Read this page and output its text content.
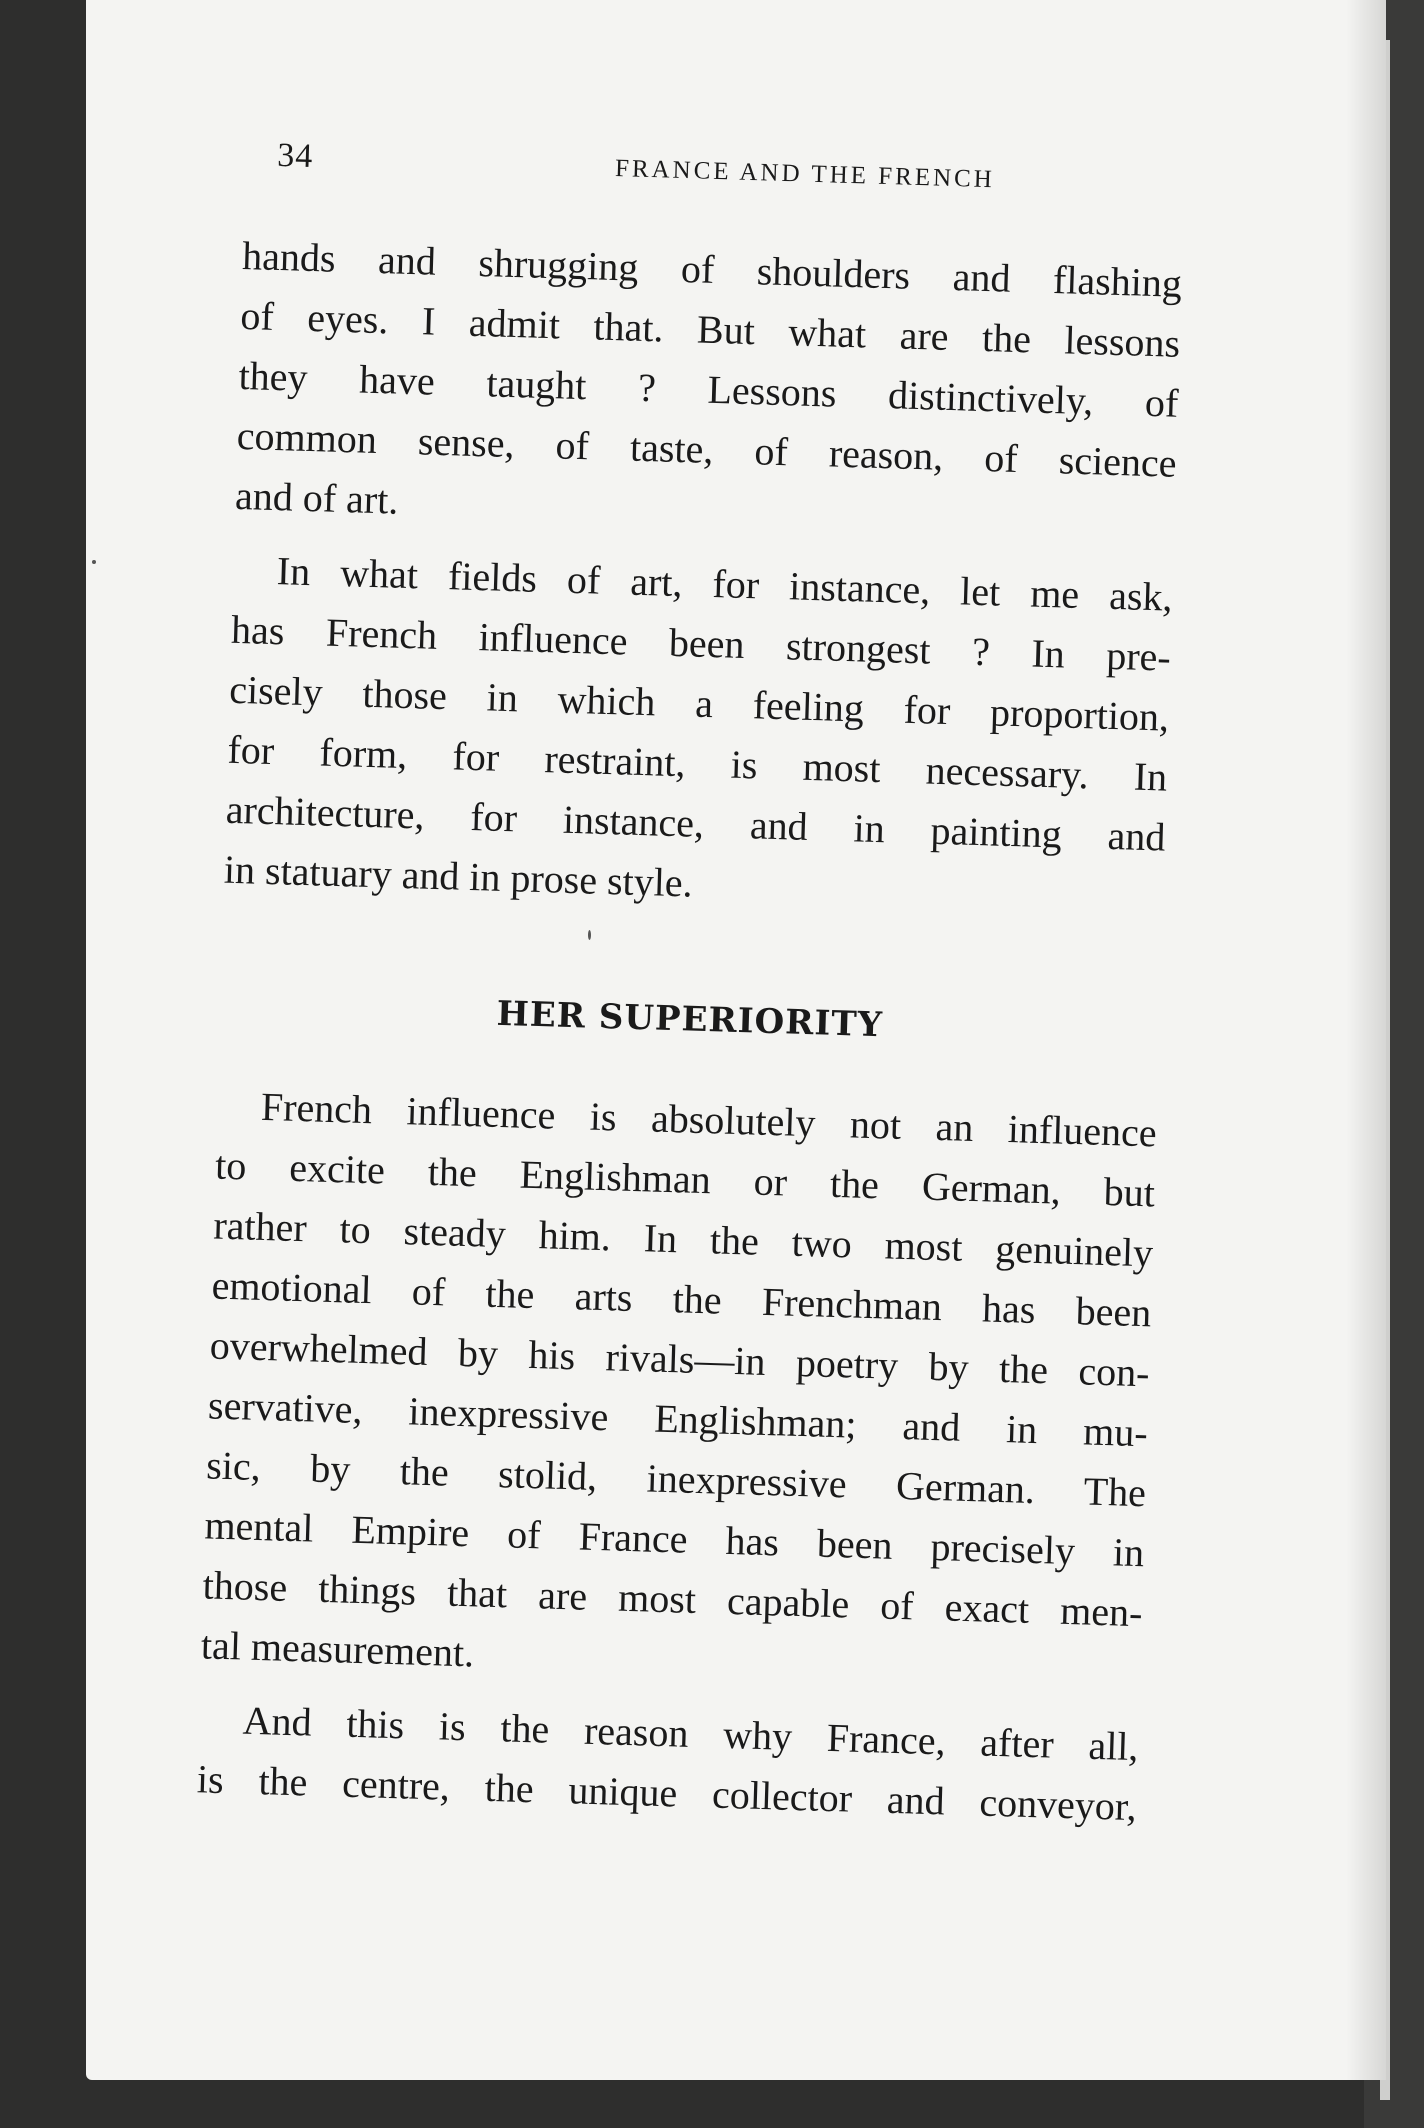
34	FRANCE AND THE FRENCH
hands and shrugging of shoulders and flashing
of eyes. I admit that. But what are the lessons
they have taught ? Lessons distinctively, of
common sense, of taste, of reason, of science
and of art.
In what fields of art, for instance, let me ask,
has French influence been strongest ? In pre-
cisely those in which a feeling for proportion,
for form, for restraint, is most necessary. In
architecture, for instance, and in painting and
in statuary and in prose style.
HER SUPERIORITY
French influence is absolutely not an influence
to excite the Englishman or the German, but
rather to steady him. In the two most genuinely
emotional of the arts the Frenchman has been
overwhelmed by his rivals—in poetry by the con-
servative, inexpressive Englishman; and in mu-
sic, by the stolid, inexpressive German. The
mental Empire of France has been precisely in
those things that are most capable of exact men-
tal measurement.
And this is the reason why France, after all,
is the centre, the unique collector and conveyor,
